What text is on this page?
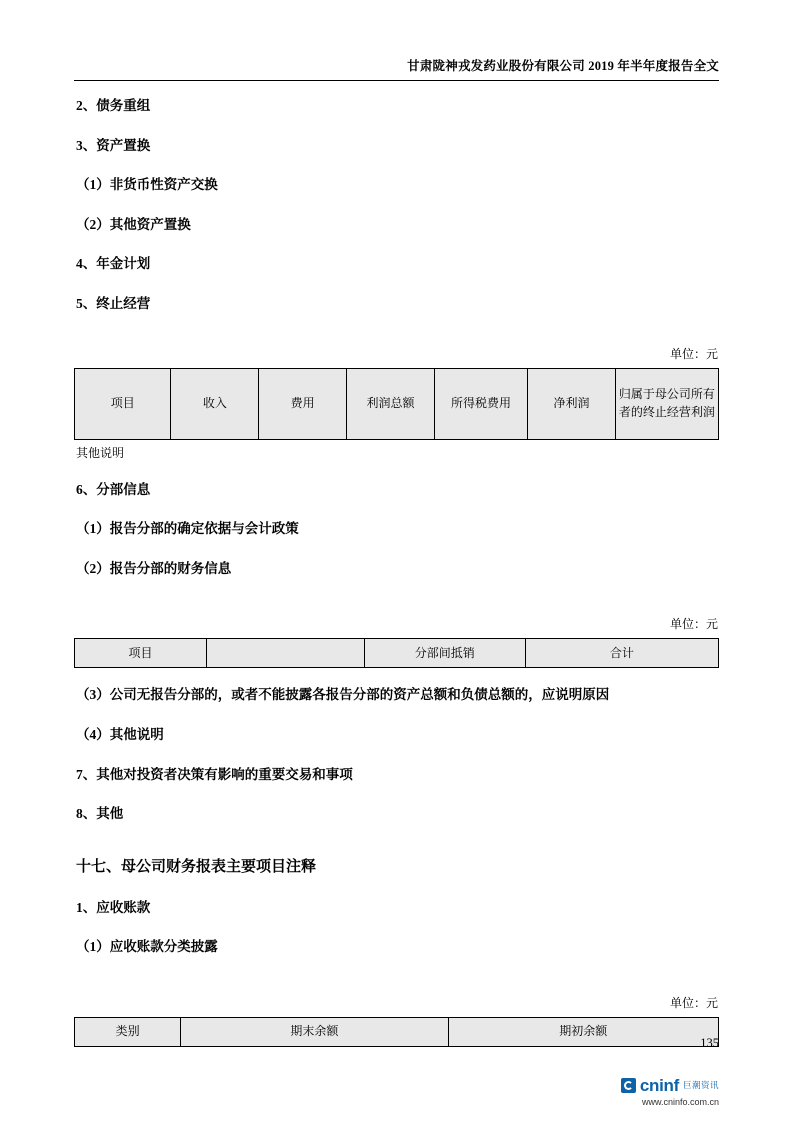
甘肃陇神戎发药业股份有限公司 2019 年半年度报告全文

2、债务重组

3、资产置换

（1）非货币性资产交换

（2）其他资产置换

4、年金计划

5、终止经营

单位：元

项目	收入	费用	利润总额	所得税费用	净利润	归属于母公司所有者的终止经营利润

其他说明

6、分部信息

（1）报告分部的确定依据与会计政策

（2）报告分部的财务信息

单位：元

项目		分部间抵销	合计

（3）公司无报告分部的，或者不能披露各报告分部的资产总额和负债总额的，应说明原因

（4）其他说明

7、其他对投资者决策有影响的重要交易和事项

8、其他

十七、母公司财务报表主要项目注释

1、应收账款

（1）应收账款分类披露

单位：元

类别	期末余额	期初余额
135
cninf 巨潮资讯
www.cninfo.com.cn
